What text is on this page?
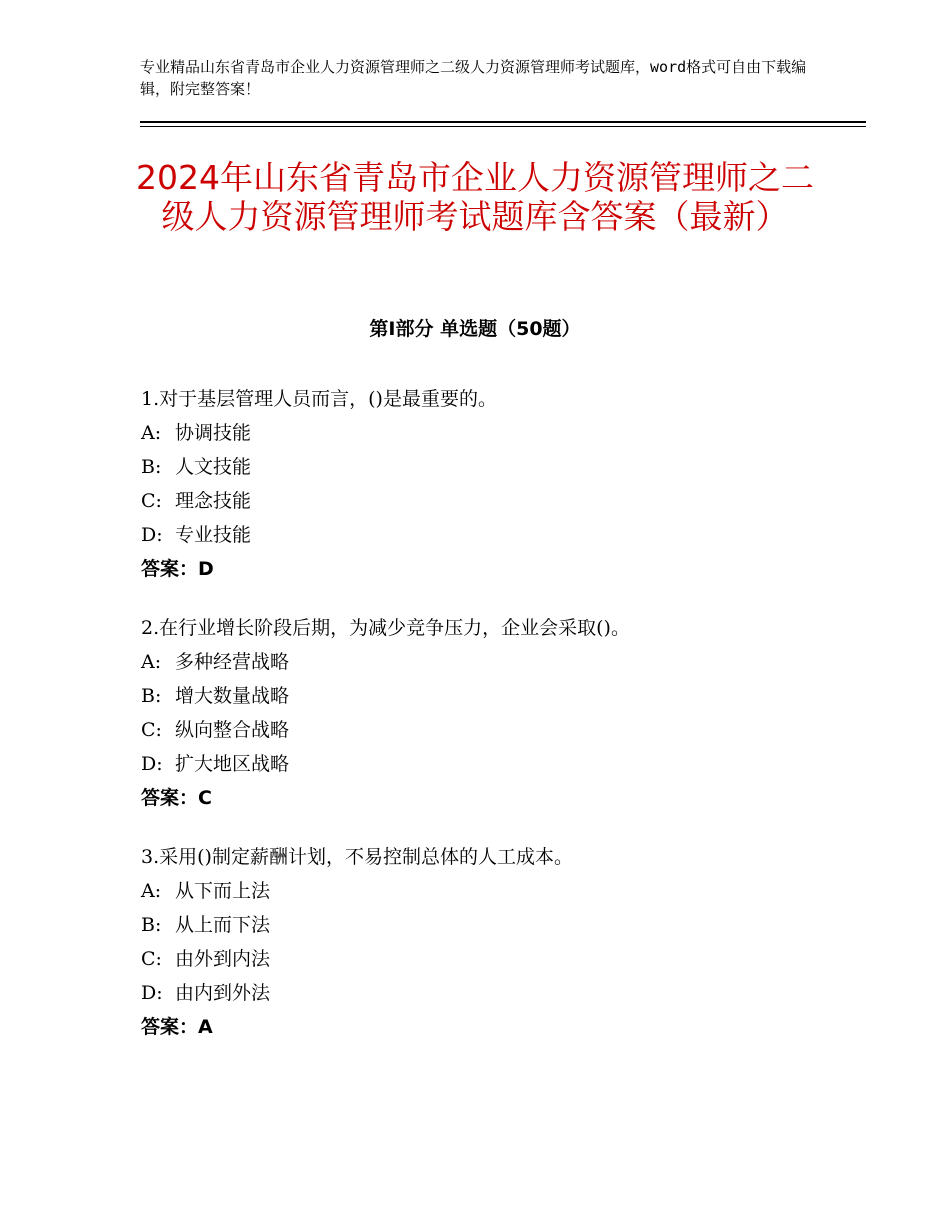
专业精品山东省青岛市企业人力资源管理师之二级人力资源管理师考试题库，word格式可自由下载编辑，附完整答案！
2024年山东省青岛市企业人力资源管理师之二级人力资源管理师考试题库含答案（最新）
第Ⅰ部分 单选题（50题）
1.对于基层管理人员而言，()是最重要的。
A: 协调技能
B: 人文技能
C: 理念技能
D: 专业技能
答案：D
2.在行业增长阶段后期，为减少竞争压力，企业会采取()。
A: 多种经营战略
B: 增大数量战略
C: 纵向整合战略
D: 扩大地区战略
答案：C
3.采用()制定薪酬计划，不易控制总体的人工成本。
A: 从下而上法
B: 从上而下法
C: 由外到内法
D: 由内到外法
答案：A
